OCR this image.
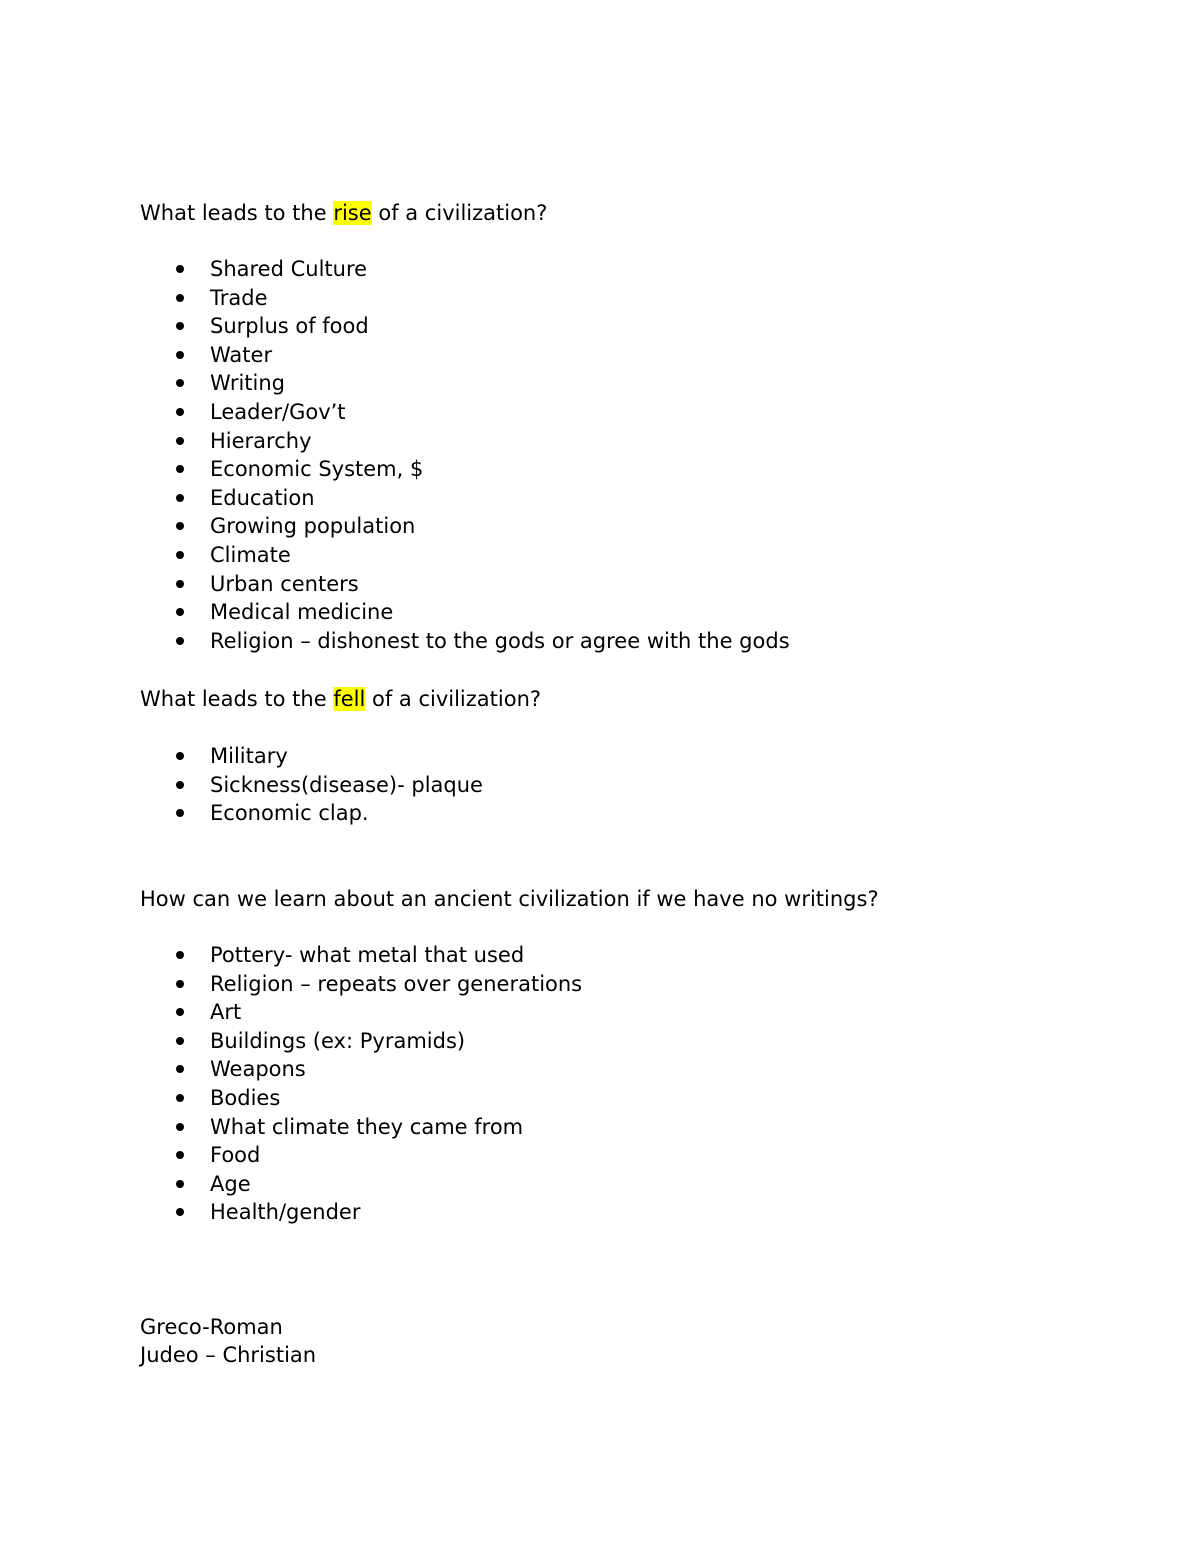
What leads to the rise of a civilization?

Shared Culture
Trade
Surplus of food
Water
Writing
Leader/Gov’t
Hierarchy
Economic System, $
Education
Growing population
Climate
Urban centers
Medical medicine
Religion – dishonest to the gods or agree with the gods

What leads to the fell of a civilization?

Military
Sickness(disease)- plaque
Economic clap.

How can we learn about an ancient civilization if we have no writings?

Pottery- what metal that used
Religion – repeats over generations
Art
Buildings (ex: Pyramids)
Weapons
Bodies
What climate they came from
Food
Age
Health/gender
Greco-Roman
Judeo – Christian
